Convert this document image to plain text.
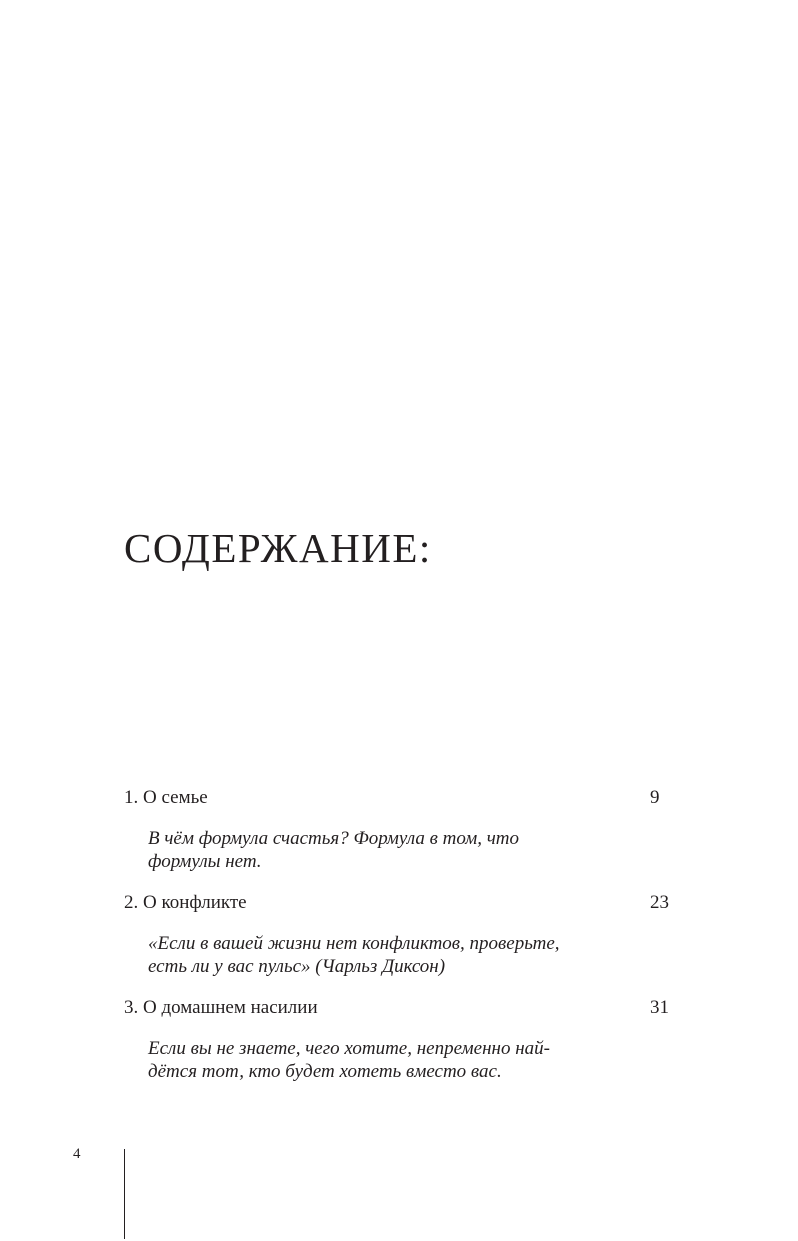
СОДЕРЖАНИЕ:
1. О семье	9
В чём формула счастья? Формула в том, что
формулы нет.
2. О конфликте	23
«Если в вашей жизни нет конфликтов, проверьте,
есть ли у вас пульс» (Чарльз Диксон)
3. О домашнем насилии	31
Если вы не знаете, чего хотите, непременно най-
дётся тот, кто будет хотеть вместо вас.
4
